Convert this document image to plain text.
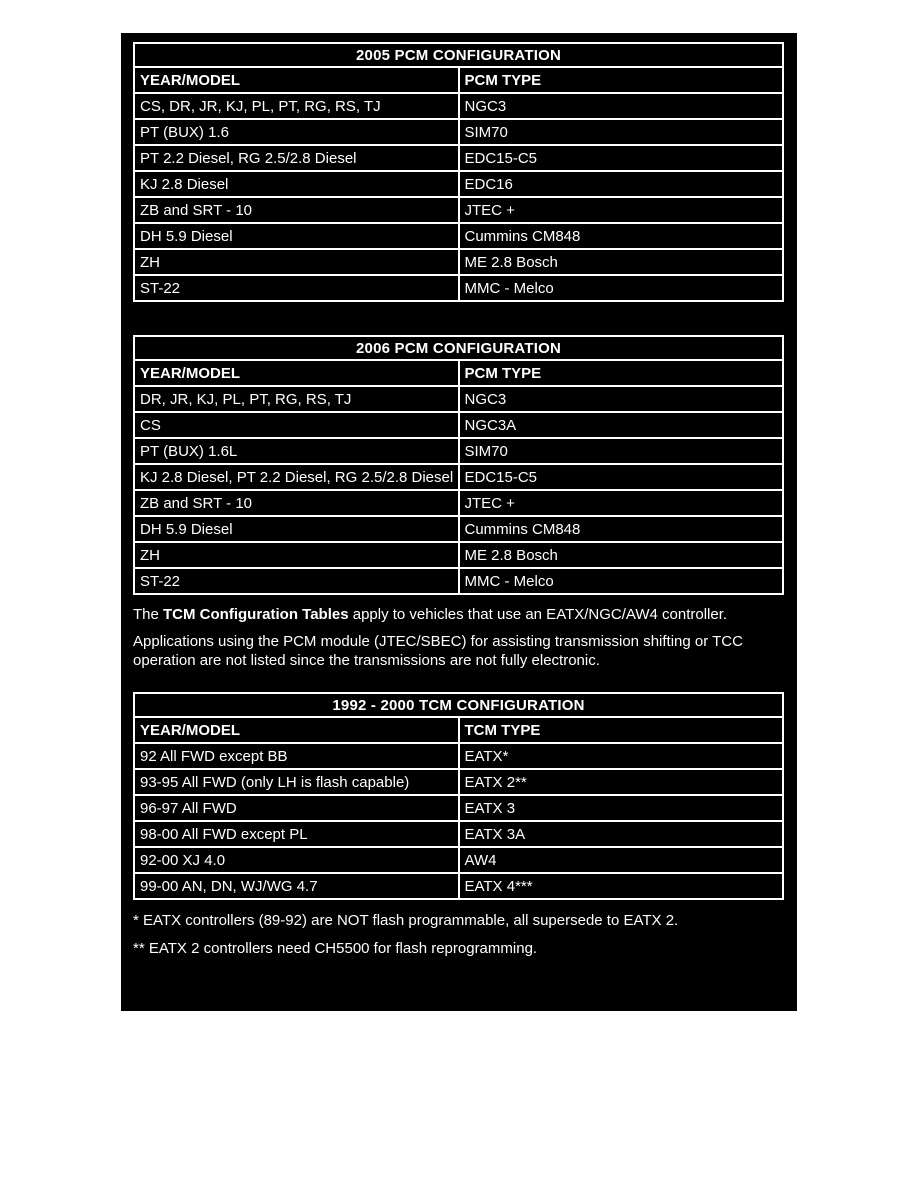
2005 PCM CONFIGURATION	
YEAR/MODEL	PCM TYPE
CS, DR, JR, KJ, PL, PT, RG, RS, TJ	NGC3
PT (BUX) 1.6	SIM70
PT 2.2 Diesel, RG 2.5/2.8 Diesel	EDC15-C5
KJ 2.8 Diesel	EDC16
ZB and SRT - 10	JTEC +
DH 5.9 Diesel	Cummins CM848
ZH	ME 2.8 Bosch
ST-22	MMC - Melco
2006 PCM CONFIGURATION	
YEAR/MODEL	PCM TYPE
DR, JR, KJ, PL, PT, RG, RS, TJ	NGC3
CS	NGC3A
PT (BUX) 1.6L	SIM70
KJ 2.8 Diesel, PT 2.2 Diesel, RG 2.5/2.8 Diesel	EDC15-C5
ZB and SRT - 10	JTEC +
DH 5.9 Diesel	Cummins CM848
ZH	ME 2.8 Bosch
ST-22	MMC - Melco
The TCM Configuration Tables apply to vehicles that use an EATX/NGC/AW4 controller.
Applications using the PCM module (JTEC/SBEC) for assisting transmission shifting or TCC operation are not listed since the transmissions are not fully electronic.
1992 - 2000 TCM CONFIGURATION	
YEAR/MODEL	TCM TYPE
92 All FWD except BB	EATX*
93-95 All FWD (only LH is flash capable)	EATX 2**
96-97 All FWD	EATX 3
98-00 All FWD except PL	EATX 3A
92-00 XJ 4.0	AW4
99-00 AN, DN, WJ/WG 4.7	EATX 4***
* EATX controllers (89-92) are NOT flash programmable, all supersede to EATX 2.
** EATX 2 controllers need CH5500 for flash reprogramming.
